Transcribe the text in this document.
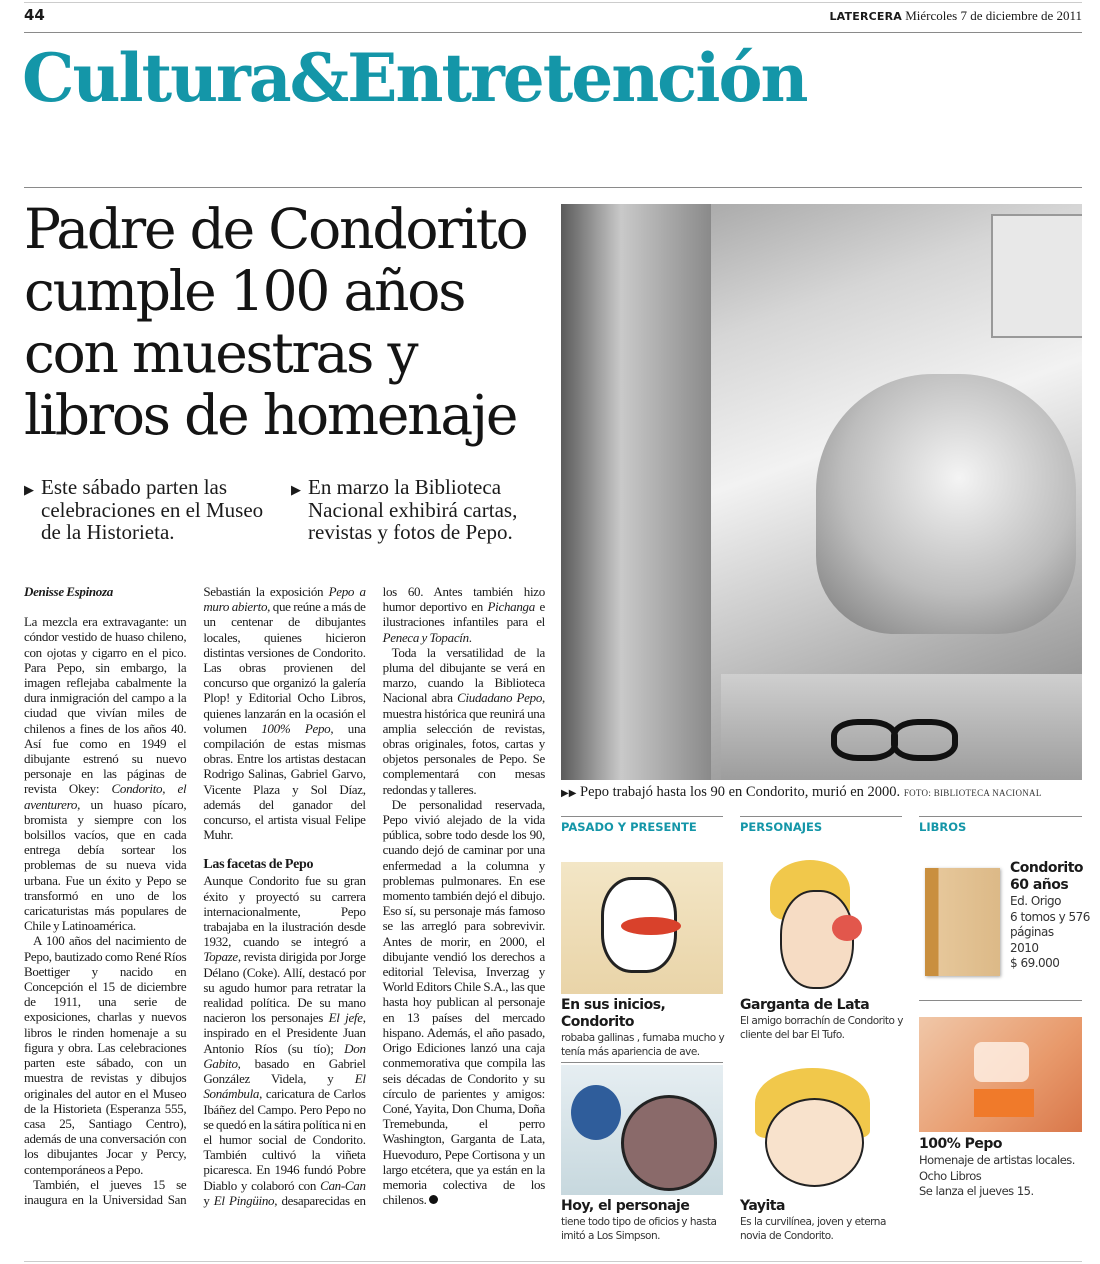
44	LATERCERA Miércoles 7 de diciembre de 2011
Cultura&Entretención
Padre de Condorito cumple 100 años con muestras y libros de homenaje
▶ Este sábado parten las celebraciones en el Museo de la Historieta.
▶ En marzo la Biblioteca Nacional exhibirá cartas, revistas y fotos de Pepo.

Denisse Espinoza

La mezcla era extravagante: un cóndor vestido de huaso chileno, con ojotas y cigarro en el pico. Para Pepo, sin embargo, la imagen reflejaba cabalmente la dura inmigración del campo a la ciudad que vivían miles de chilenos a fines de los años 40. Así fue como en 1949 el dibujante estrenó su nuevo personaje en las páginas de revista Okey: Condorito, el aventurero, un huaso pícaro, bromista y siempre con los bolsillos vacíos, que en cada entrega debía sortear los problemas de su nueva vida urbana. Fue un éxito y Pepo se transformó en uno de los caricaturistas más populares de Chile y Latinoamérica.

A 100 años del nacimiento de Pepo, bautizado como René Ríos Boettiger y nacido en Concepción el 15 de diciembre de 1911, una serie de exposiciones, charlas y nuevos libros le rinden homenaje a su figura y obra. Las celebraciones parten este sábado, con un muestra de revistas y dibujos originales del autor en el Museo de la Historieta (Esperanza 555, casa 25, Santiago Centro), además de una conversación con los dibujantes Jocar y Percy, contemporáneos a Pepo.

También, el jueves 15 se inaugura en la Universidad San Sebastián la exposición Pepo a muro abierto, que reúne a más de un centenar de dibujantes locales, quienes hicieron distintas versiones de Condorito. Las obras provienen del concurso que organizó la galería Plop! y Editorial Ocho Libros, quienes lanzarán en la ocasión el volumen 100% Pepo, una compilación de estas mismas obras. Entre los artistas destacan Rodrigo Salinas, Gabriel Garvo, Vicente Plaza y Sol Díaz, además del ganador del concurso, el artista visual Felipe Muhr.

Las facetas de Pepo

Aunque Condorito fue su gran éxito y proyectó su carrera internacionalmente, Pepo trabajaba en la ilustración desde 1932, cuando se integró a Topaze, revista dirigida por Jorge Délano (Coke). Allí, destacó por su agudo humor para retratar la realidad política. De su mano nacieron los personajes El jefe, inspirado en el Presidente Juan Antonio Ríos (su tío); Don Gabito, basado en Gabriel González Videla, y El Sonámbula, caricatura de Carlos Ibáñez del Campo. Pero Pepo no se quedó en la sátira política ni en el humor social de Condorito. También cultivó la viñeta picaresca. En 1946 fundó Pobre Diablo y colaboró con Can-Can y El Pingüino, desaparecidas en los 60. Antes también hizo humor deportivo en Pichanga e ilustraciones infantiles para el Peneca y Topacín.

Toda la versatilidad de la pluma del dibujante se verá en marzo, cuando la Biblioteca Nacional abra Ciudadano Pepo, muestra histórica que reunirá una amplia selección de revistas, obras originales, fotos, cartas y objetos personales de Pepo. Se complementará con mesas redondas y talleres.

De personalidad reservada, Pepo vivió alejado de la vida pública, sobre todo desde los 90, cuando dejó de caminar por una enfermedad a la columna y problemas pulmonares. En ese momento también dejó el dibujo. Eso sí, su personaje más famoso se las arregló para sobrevivir. Antes de morir, en 2000, el dibujante vendió los derechos a editorial Televisa, Inverzag y World Editors Chile S.A., las que hasta hoy publican al personaje en 13 países del mercado hispano. Además, el año pasado, Origo Ediciones lanzó una caja conmemorativa que compila las seis décadas de Condorito y su círculo de parientes y amigos: Coné, Yayita, Don Chuma, Doña Tremebunda, el perro Washington, Garganta de Lata, Huevoduro, Pepe Cortisona y un largo etcétera, que ya están en la memoria colectiva de los chilenos.

▶▶ Pepo trabajó hasta los 90 en Condorito, murió en 2000. FOTO: BIBLIOTECA NACIONAL
PASADO Y PRESENTE
En sus inicios, Condorito
robaba gallinas , fumaba mucho y tenía más apariencia de ave.
Hoy, el personaje
tiene todo tipo de oficios y hasta imitó a Los Simpson.
PERSONAJES
Garganta de Lata
El amigo borrachín de Condorito y cliente del bar El Tufo.
Yayita
Es la curvilínea, joven y eterna novia de Condorito.
LIBROS
Condorito 60 años
Ed. Origo
6 tomos y 576 páginas
2010
$ 69.000
100% Pepo
Homenaje de artistas locales.
Ocho Libros
Se lanza el jueves 15.
